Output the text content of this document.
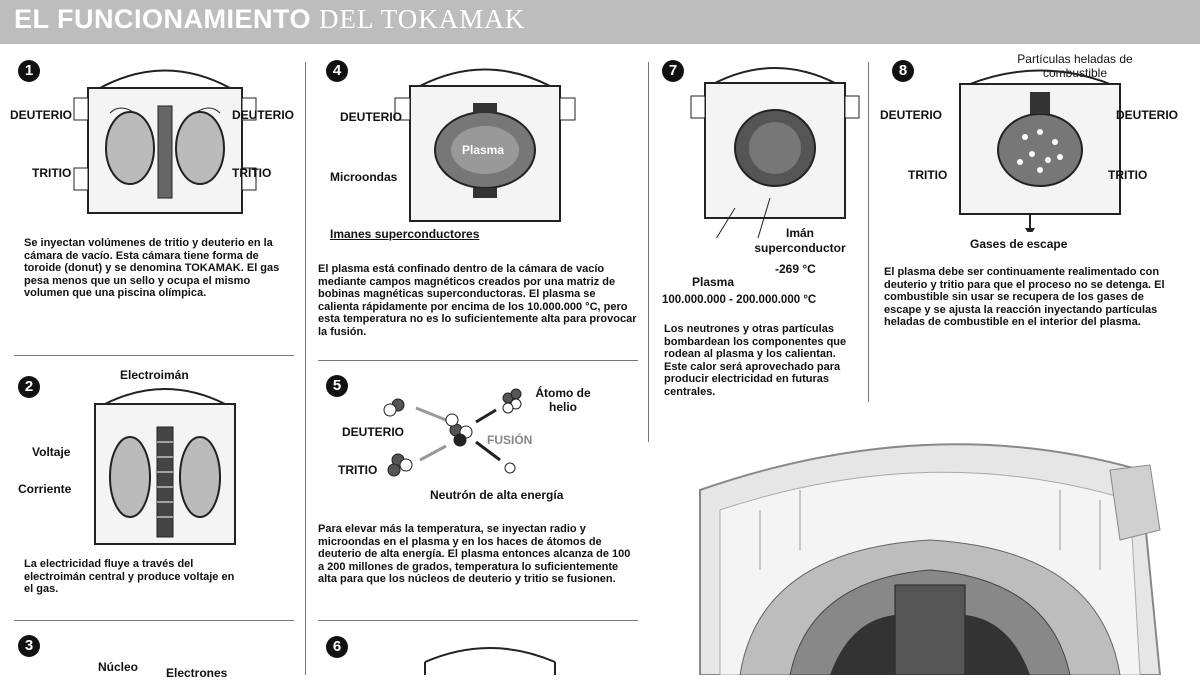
EL FUNCIONAMIENTO DEL TOKAMAK
1
DEUTERIO	DEUTERIO
TRITIO	TRITIO
Se inyectan volúmenes de tritio y deuterio en la cámara de vacío. Esta cámara tiene forma de toroide (donut) y se denomina TOKAMAK. El gas pesa menos que un sello y ocupa el mismo volumen que una piscina olímpica.
2
Electroimán
Voltaje
Corriente
La electricidad fluye a través del electroimán central y produce voltaje en el gas.
3
Núcleo Electrones
4
DEUTERIO
Plasma
Microondas
Imanes superconductores
El plasma está confinado dentro de la cámara de vacío mediante campos magnéticos creados por una matriz de bobinas magnéticas superconductoras. El plasma se calienta rápidamente por encima de los 10.000.000 °C, pero esta temperatura no es lo suficientemente alta para provocar la fusión.
5
DEUTERIO
TRITIO
FUSIÓN
Átomo de helio
Neutrón de alta energía
Para elevar más la temperatura, se inyectan radio y microondas en el plasma y en los haces de átomos de deuterio de alta energía. El plasma entonces alcanza de 100 a 200 millones de grados, temperatura lo suficientemente alta para que los núcleos de deuterio y tritio se fusionen.
6
7
Imán superconductor
-269 °C
Plasma
100.000.000 - 200.000.000 °C
Los neutrones y otras partículas bombardean los componentes que rodean al plasma y los calientan. Este calor será aprovechado para producir electricidad en futuras centrales.
8
Partículas heladas de combustible
DEUTERIO	DEUTERIO
TRITIO	TRITIO
Gases de escape
El plasma debe ser continuamente realimentado con deuterio y tritio para que el proceso no se detenga. El combustible sin usar se recupera de los gases de escape y se ajusta la reacción inyectando partículas heladas de combustible en el interior del plasma.
